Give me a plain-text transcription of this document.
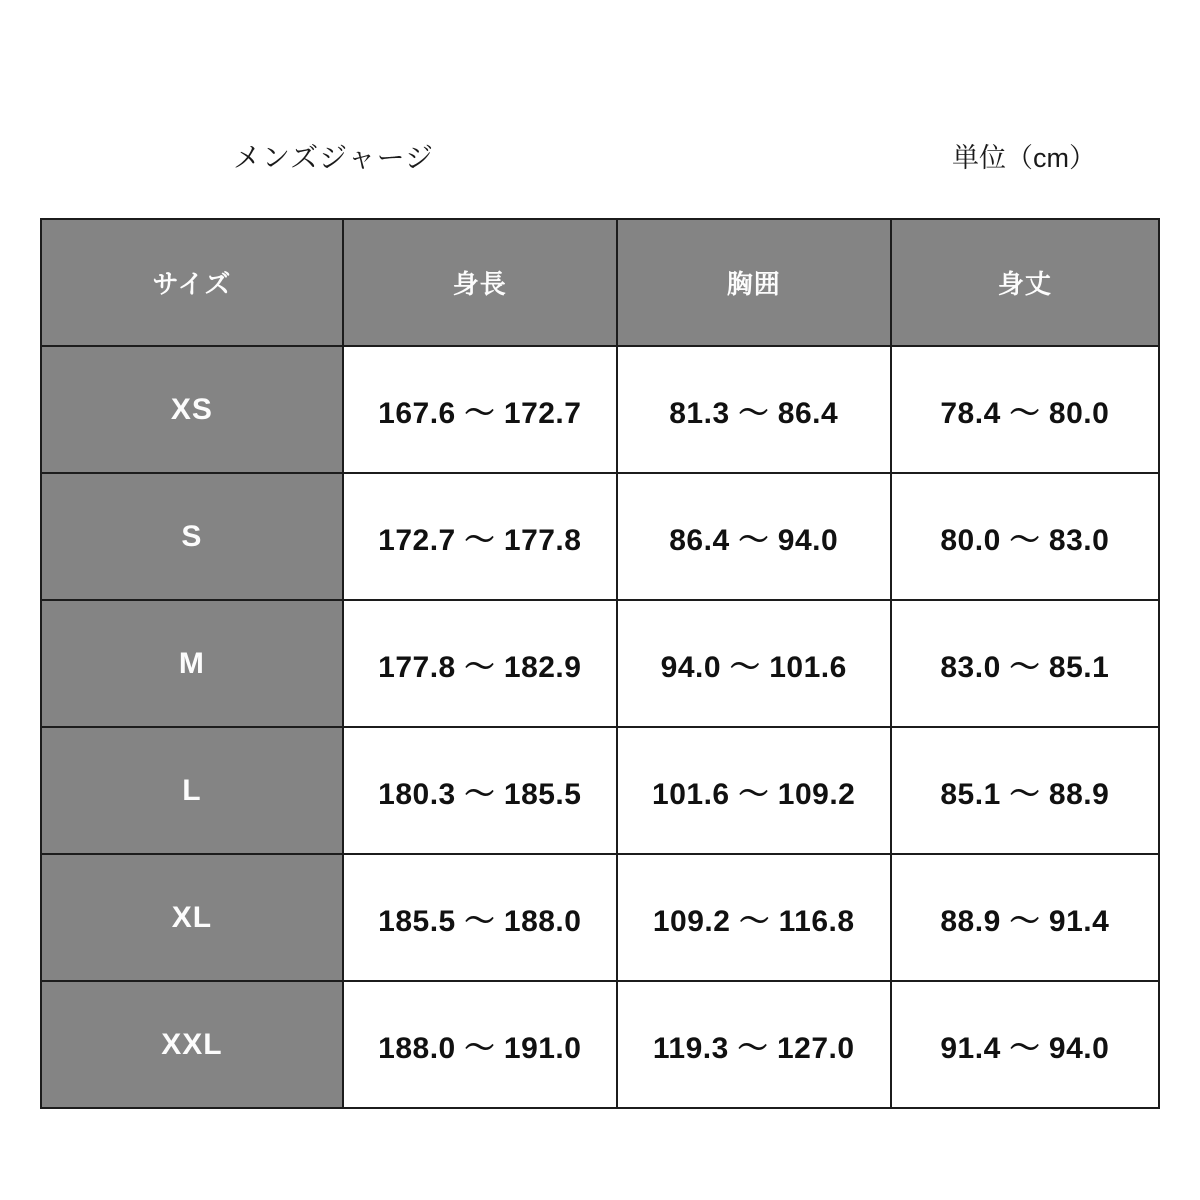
メンズジャージ	単位（cm）
サイズ	身長	胸囲	身丈
XS	167.6 〜 172.7	81.3 〜 86.4	78.4 〜 80.0
S	172.7 〜 177.8	86.4 〜 94.0	80.0 〜 83.0
M	177.8 〜 182.9	94.0 〜 101.6	83.0 〜 85.1
L	180.3 〜 185.5	101.6 〜 109.2	85.1 〜 88.9
XL	185.5 〜 188.0	109.2 〜 116.8	88.9 〜 91.4
XXL	188.0 〜 191.0	119.3 〜 127.0	91.4 〜 94.0
